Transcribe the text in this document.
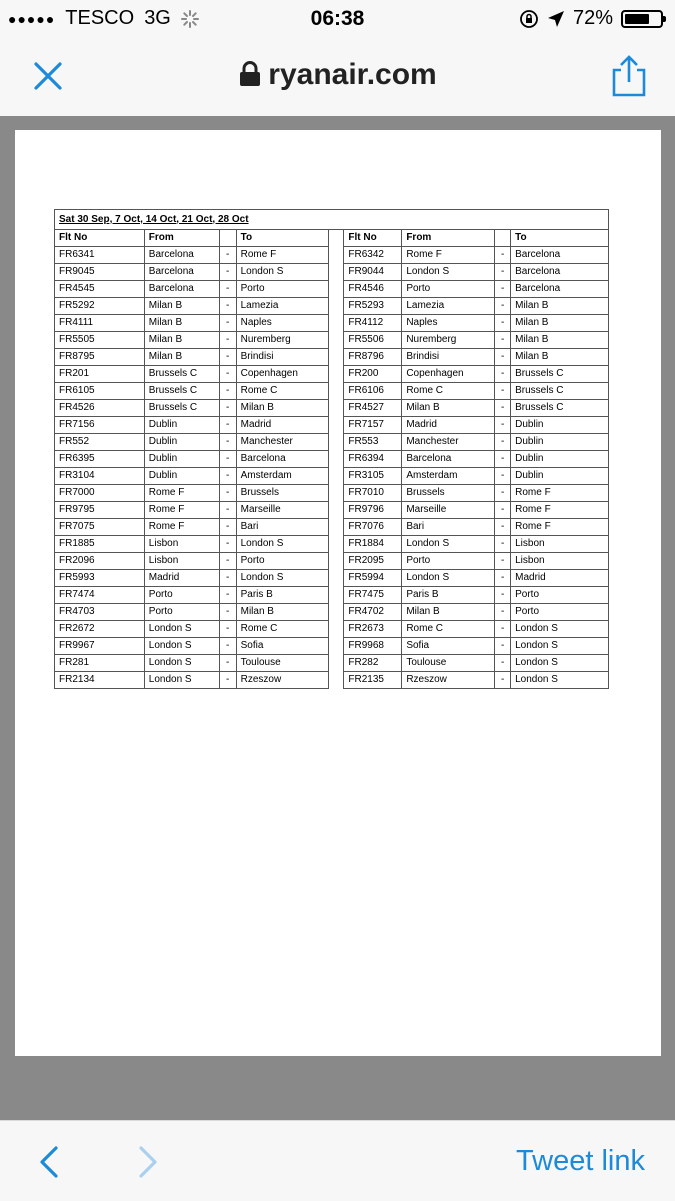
●●●●● TESCO 3G	06:38	72%
ryanair.com
Sat 30 Sep, 7 Oct, 14 Oct, 21 Oct, 28 Oct								
Flt No	From		To		Flt No	From		To
FR6341	Barcelona	-	Rome F		FR6342	Rome F	-	Barcelona
FR9045	Barcelona	-	London S		FR9044	London S	-	Barcelona
FR4545	Barcelona	-	Porto		FR4546	Porto	-	Barcelona
FR5292	Milan B	-	Lamezia		FR5293	Lamezia	-	Milan B
FR4111	Milan B	-	Naples		FR4112	Naples	-	Milan B
FR5505	Milan B	-	Nuremberg		FR5506	Nuremberg	-	Milan B
FR8795	Milan B	-	Brindisi		FR8796	Brindisi	-	Milan B
FR201	Brussels C	-	Copenhagen		FR200	Copenhagen	-	Brussels C
FR6105	Brussels C	-	Rome C		FR6106	Rome C	-	Brussels C
FR4526	Brussels C	-	Milan B		FR4527	Milan B	-	Brussels C
FR7156	Dublin	-	Madrid		FR7157	Madrid	-	Dublin
FR552	Dublin	-	Manchester		FR553	Manchester	-	Dublin
FR6395	Dublin	-	Barcelona		FR6394	Barcelona	-	Dublin
FR3104	Dublin	-	Amsterdam		FR3105	Amsterdam	-	Dublin
FR7000	Rome F	-	Brussels		FR7010	Brussels	-	Rome F
FR9795	Rome F	-	Marseille		FR9796	Marseille	-	Rome F
FR7075	Rome F	-	Bari		FR7076	Bari	-	Rome F
FR1885	Lisbon	-	London S		FR1884	London S	-	Lisbon
FR2096	Lisbon	-	Porto		FR2095	Porto	-	Lisbon
FR5993	Madrid	-	London S		FR5994	London S	-	Madrid
FR7474	Porto	-	Paris B		FR7475	Paris B	-	Porto
FR4703	Porto	-	Milan B		FR4702	Milan B	-	Porto
FR2672	London S	-	Rome C		FR2673	Rome C	-	London S
FR9967	London S	-	Sofia		FR9968	Sofia	-	London S
FR281	London S	-	Toulouse		FR282	Toulouse	-	London S
FR2134	London S	-	Rzeszow		FR2135	Rzeszow	-	London S
Tweet link
